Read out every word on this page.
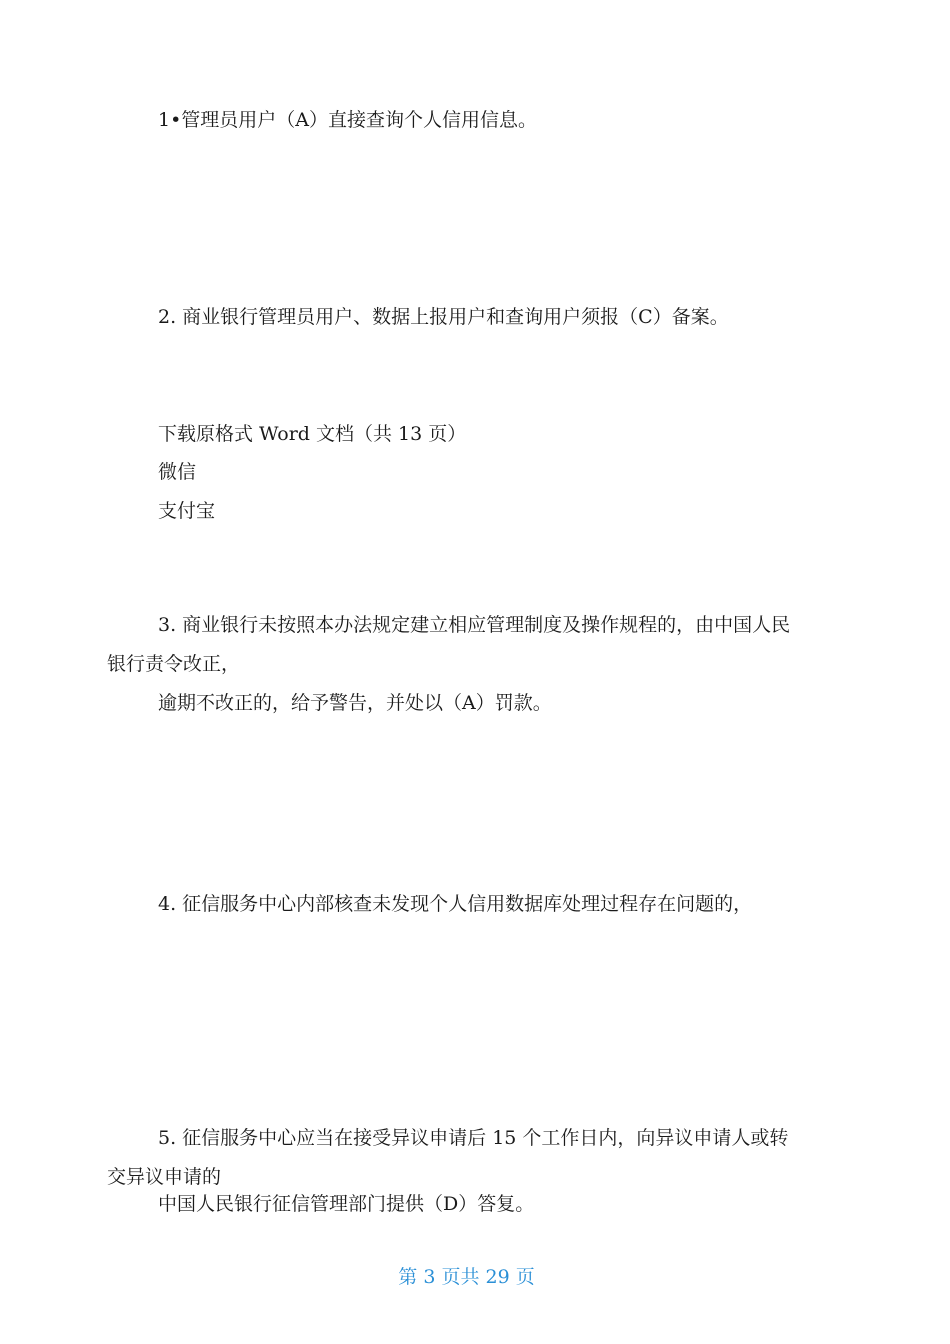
1•管理员用户（A）直接查询个人信用信息。

2. 商业银行管理员用户、数据上报用户和查询用户须报（C）备案。

下载原格式 Word 文档（共 13 页）

微信

支付宝

3. 商业银行未按照本办法规定建立相应管理制度及操作规程的，由中国人民

银行责令改正，

逾期不改正的，给予警告，并处以（A）罚款。

4. 征信服务中心内部核查未发现个人信用数据库处理过程存在问题的，

5. 征信服务中心应当在接受异议申请后 15 个工作日内，向异议申请人或转

交异议申请的

中国人民银行征信管理部门提供（D）答复。

第 3 页共 29 页
